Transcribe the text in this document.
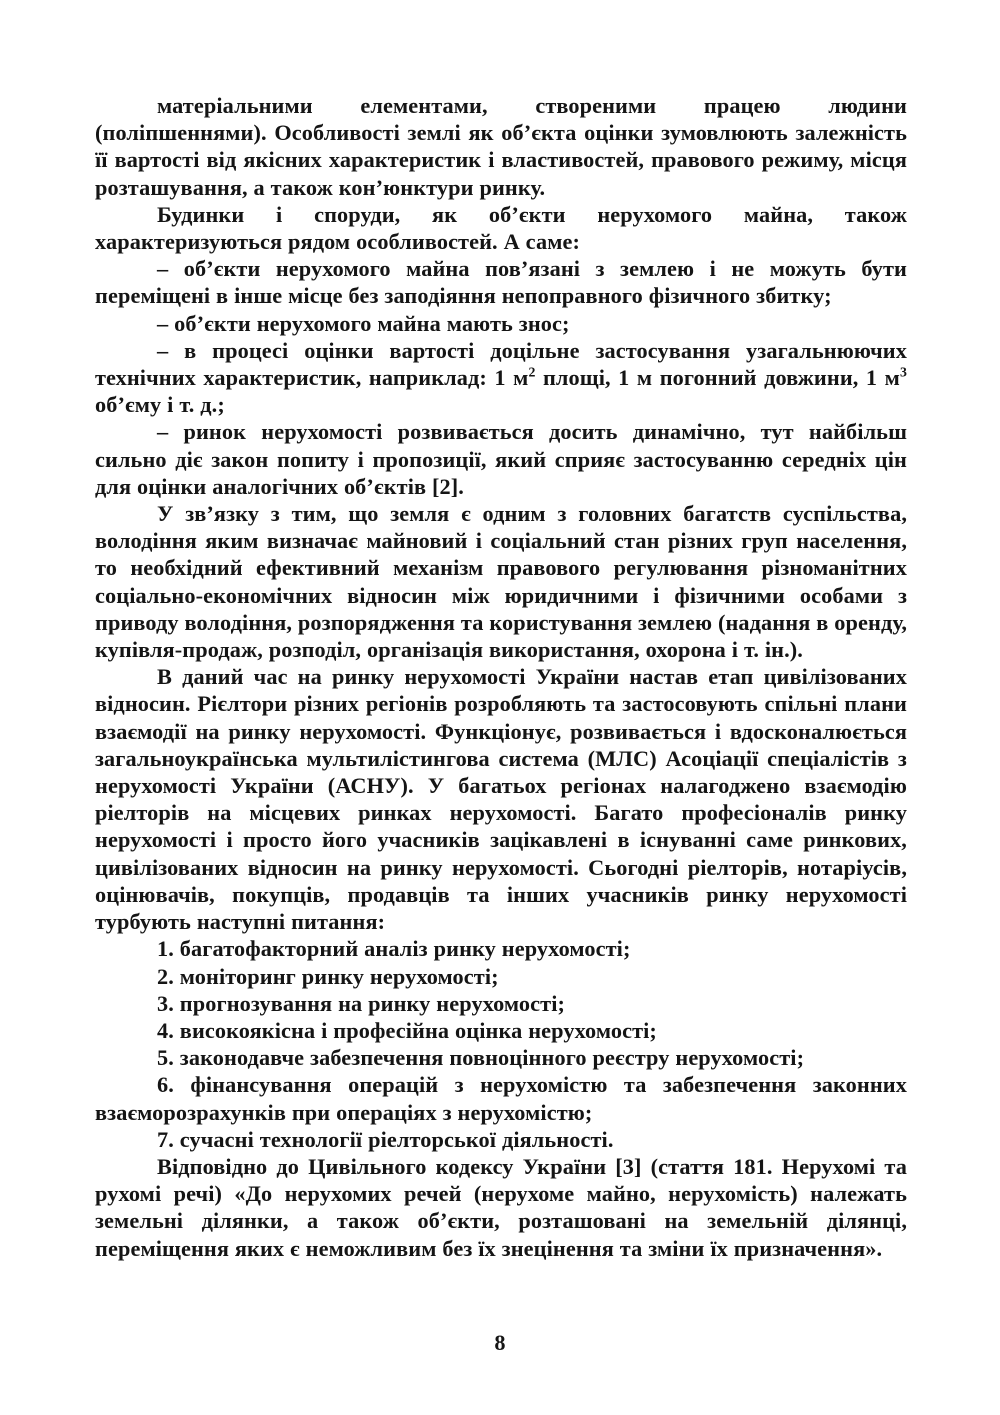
матеріальними елементами, створеними працею людини (поліпшеннями). Особливості землі як об’єкта оцінки зумовлюють залежність її вартості від якісних характеристик і властивостей, правового режиму, місця розташування, а також кон’юнктури ринку.

Будинки і споруди, як об’єкти нерухомого майна, також характеризуються рядом особливостей. А саме:

– об’єкти нерухомого майна пов’язані з землею і не можуть бути переміщені в інше місце без заподіяння непоправного фізичного збитку;

– об’єкти нерухомого майна мають знос;

– в процесі оцінки вартості доцільне застосування узагальнюючих технічних характеристик, наприклад: 1 $м^2$ площі, 1 м погонний довжини, 1 $м^3$ об’єму і т. д.;

– ринок нерухомості розвивається досить динамічно, тут найбільш сильно діє закон попиту і пропозиції, який сприяє застосуванню середніх цін для оцінки аналогічних об’єктів [2].

У зв’язку з тим, що земля є одним з головних багатств суспільства, володіння яким визначає майновий і соціальний стан різних груп населення, то необхідний ефективний механізм правового регулювання різноманітних соціально-економічних відносин між юридичними і фізичними особами з приводу володіння, розпорядження та користування землею (надання в оренду, купівля-продаж, розподіл, організація використання, охорона і т. ін.).

В даний час на ринку нерухомості України настав етап цивілізованих відносин. Рієлтори різних регіонів розробляють та застосовують спільні плани взаємодії на ринку нерухомості. Функціонує, розвивається і вдосконалюється загальноукраїнська мультилістингова система (МЛС) Асоціації спеціалістів з нерухомості України (АСНУ). У багатьох регіонах налагоджено взаємодію ріелторів на місцевих ринках нерухомості. Багато професіоналів ринку нерухомості і просто його учасників зацікавлені в існуванні саме ринкових, цивілізованих відносин на ринку нерухомості. Сьогодні ріелторів, нотаріусів, оцінювачів, покупців, продавців та інших учасників ринку нерухомості турбують наступні питання:

1. багатофакторний аналіз ринку нерухомості;

2. моніторинг ринку нерухомості;

3. прогнозування на ринку нерухомості;

4. високоякісна і професійна оцінка нерухомості;

5. законодавче забезпечення повноцінного реєстру нерухомості;

6. фінансування операцій з нерухомістю та забезпечення законних взаєморозрахунків при операціях з нерухомістю;

7. сучасні технології ріелторської діяльності.

Відповідно до Цивільного кодексу України [3] (стаття 181. Нерухомі та рухомі речі) «До нерухомих речей (нерухоме майно, нерухомість) належать земельні ділянки, а також об’єкти, розташовані на земельній ділянці, переміщення яких є неможливим без їх знецінення та зміни їх призначення».

8
